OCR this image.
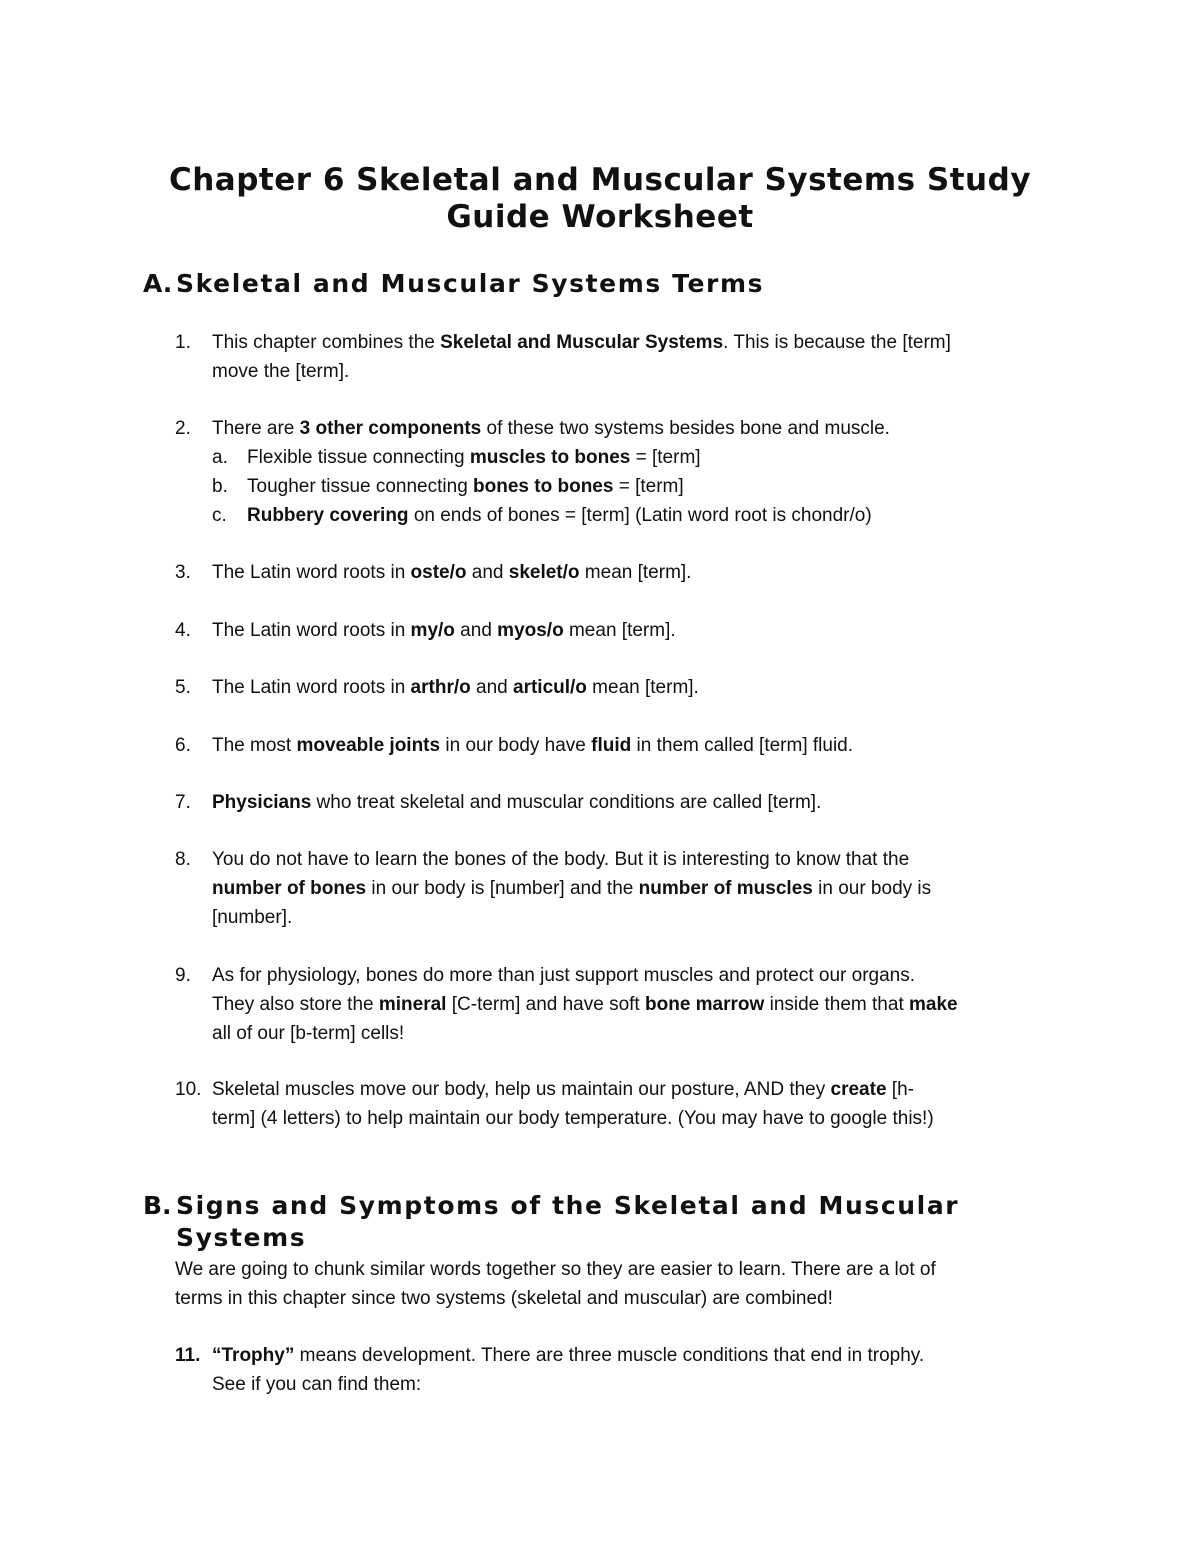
Chapter 6 Skeletal and Muscular Systems Study
Guide Worksheet
A. Skeletal and Muscular Systems Terms
1.	This chapter combines the Skeletal and Muscular Systems. This is because the [term]
move the [term].
2.	There are 3 other components of these two systems besides bone and muscle.
a. Flexible tissue connecting muscles to bones = [term]
b. Tougher tissue connecting bones to bones = [term]
c. Rubbery covering on ends of bones = [term] (Latin word root is chondr/o)
3.	The Latin word roots in oste/o and skelet/o mean [term].
4.	The Latin word roots in my/o and myos/o mean [term].
5.	The Latin word roots in arthr/o and articul/o mean [term].
6.	The most moveable joints in our body have fluid in them called [term] fluid.
7.	Physicians who treat skeletal and muscular conditions are called [term].
8.	You do not have to learn the bones of the body. But it is interesting to know that the
number of bones in our body is [number] and the number of muscles in our body is
[number].
9.	As for physiology, bones do more than just support muscles and protect our organs.
They also store the mineral [C-term] and have soft bone marrow inside them that make
all of our [b-term] cells!
10. Skeletal muscles move our body, help us maintain our posture, AND they create [h-
term] (4 letters) to help maintain our body temperature. (You may have to google this!)
B. Signs and Symptoms of the Skeletal and Muscular
Systems
We are going to chunk similar words together so they are easier to learn. There are a lot of
terms in this chapter since two systems (skeletal and muscular) are combined!
11. “Trophy” means development. There are three muscle conditions that end in trophy.
See if you can find them:
